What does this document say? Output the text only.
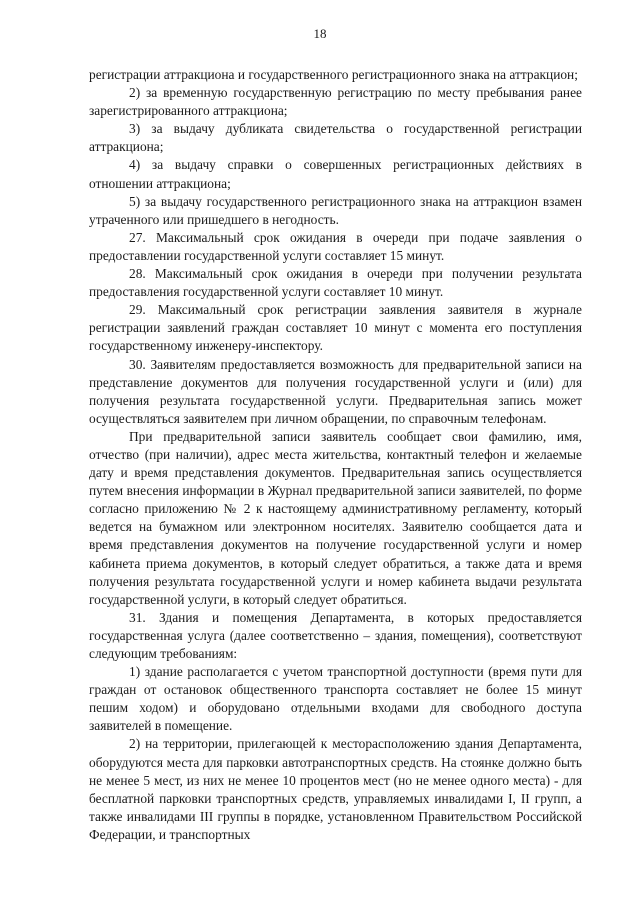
18

регистрации аттракциона и государственного регистрационного знака на аттракцион;

2) за временную государственную регистрацию по месту пребывания ранее зарегистрированного аттракциона;

3) за выдачу дубликата свидетельства о государственной регистрации аттракциона;

4) за выдачу справки о совершенных регистрационных действиях в отношении аттракциона;

5) за выдачу государственного регистрационного знака на аттракцион взамен утраченного или пришедшего в негодность.

27. Максимальный срок ожидания в очереди при подаче заявления о предоставлении государственной услуги составляет 15 минут.

28. Максимальный срок ожидания в очереди при получении результата предоставления государственной услуги составляет 10 минут.

29. Максимальный срок регистрации заявления заявителя в журнале регистрации заявлений граждан составляет 10 минут с момента его поступления государственному инженеру-инспектору.

30. Заявителям предоставляется возможность для предварительной записи на представление документов для получения государственной услуги и (или) для получения результата государственной услуги. Предварительная запись может осуществляться заявителем при личном обращении, по справочным телефонам.

При предварительной записи заявитель сообщает свои фамилию, имя, отчество (при наличии), адрес места жительства, контактный телефон и желаемые дату и время представления документов. Предварительная запись осуществляется путем внесения информации в Журнал предварительной записи заявителей, по форме согласно приложению № 2 к настоящему административному регламенту, который ведется на бумажном или электронном носителях. Заявителю сообщается дата и время представления документов на получение государственной услуги и номер кабинета приема документов, в который следует обратиться, а также дата и время получения результата государственной услуги и номер кабинета выдачи результата государственной услуги, в который следует обратиться.

31. Здания и помещения Департамента, в которых предоставляется государственная услуга (далее соответственно – здания, помещения), соответствуют следующим требованиям:

1) здание располагается с учетом транспортной доступности (время пути для граждан от остановок общественного транспорта составляет не более 15 минут пешим ходом) и оборудовано отдельными входами для свободного доступа заявителей в помещение.

2) на территории, прилегающей к месторасположению здания Департамента, оборудуются места для парковки автотранспортных средств. На стоянке должно быть не менее 5 мест, из них не менее 10 процентов мест (но не менее одного места) - для бесплатной парковки транспортных средств, управляемых инвалидами I, II групп, а также инвалидами III группы в порядке, установленном Правительством Российской Федерации, и транспортных
